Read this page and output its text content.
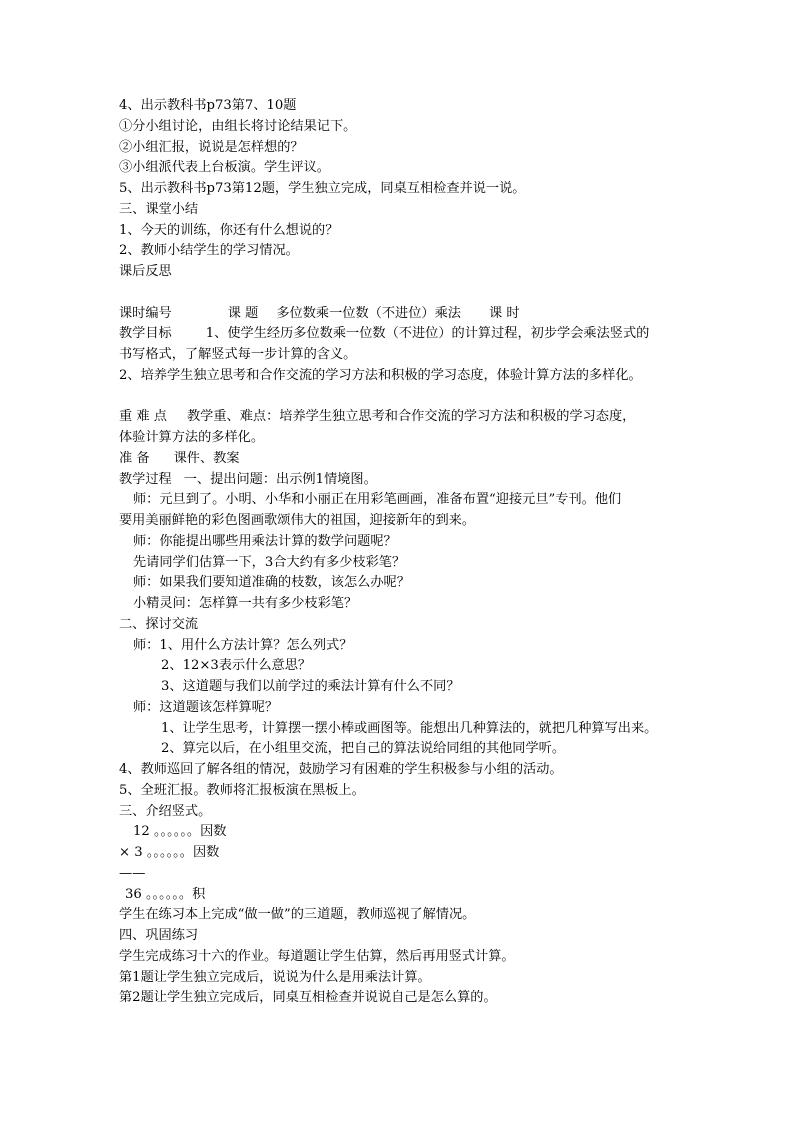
4、出示教科书p73第7、10题
①分小组讨论，由组长将讨论结果记下。
②小组汇报，说说是怎样想的？
③小组派代表上台板演。学生评议。
5、出示教科书p73第12题，学生独立完成，同桌互相检查并说一说。
三、课堂小结
1、今天的训练，你还有什么想说的？
2、教师小结学生的学习情况。
课后反思
课时编号	课 题 多位数乘一位数（不进位）乘法 课 时
教学目标	1、使学生经历多位数乘一位数（不进位）的计算过程，初步学会乘法竖式的
书写格式，了解竖式每一步计算的含义。
2、培养学生独立思考和合作交流的学习方法和积极的学习态度，体验计算方法的多样化。
重 难 点 教学重、难点：培养学生独立思考和合作交流的学习方法和积极的学习态度，
体验计算方法的多样化。
准 备 课件、教案
教学过程 一、提出问题：出示例1情境图。
师：元旦到了。小明、小华和小丽正在用彩笔画画，准备布置“迎接元旦”专刊。他们
要用美丽鲜艳的彩色图画歌颂伟大的祖国，迎接新年的到来。
师：你能提出哪些用乘法计算的数学问题呢？
先请同学们估算一下，3合大约有多少枝彩笔？
师：如果我们要知道准确的枝数，该怎么办呢？
小精灵问：怎样算一共有多少枝彩笔？
二、探讨交流
师：1、用什么方法计算？怎么列式？
2、12×3表示什么意思？
3、这道题与我们以前学过的乘法计算有什么不同？
师：这道题该怎样算呢？
1、让学生思考，计算摆一摆小棒或画图等。能想出几种算法的，就把几种算写出来。
2、算完以后，在小组里交流，把自己的算法说给同组的其他同学听。
4、教师巡回了解各组的情况，鼓励学习有困难的学生积极参与小组的活动。
5、全班汇报。教师将汇报板演在黑板上。
三、介绍竖式。
12 。。。。。。因数
× 3 。。。。。。因数
——
36 。。。。。。积
学生在练习本上完成“做一做”的三道题，教师巡视了解情况。
四、巩固练习
学生完成练习十六的作业。每道题让学生估算，然后再用竖式计算。
第1题让学生独立完成后，说说为什么是用乘法计算。
第2题让学生独立完成后，同桌互相检查并说说自己是怎么算的。
